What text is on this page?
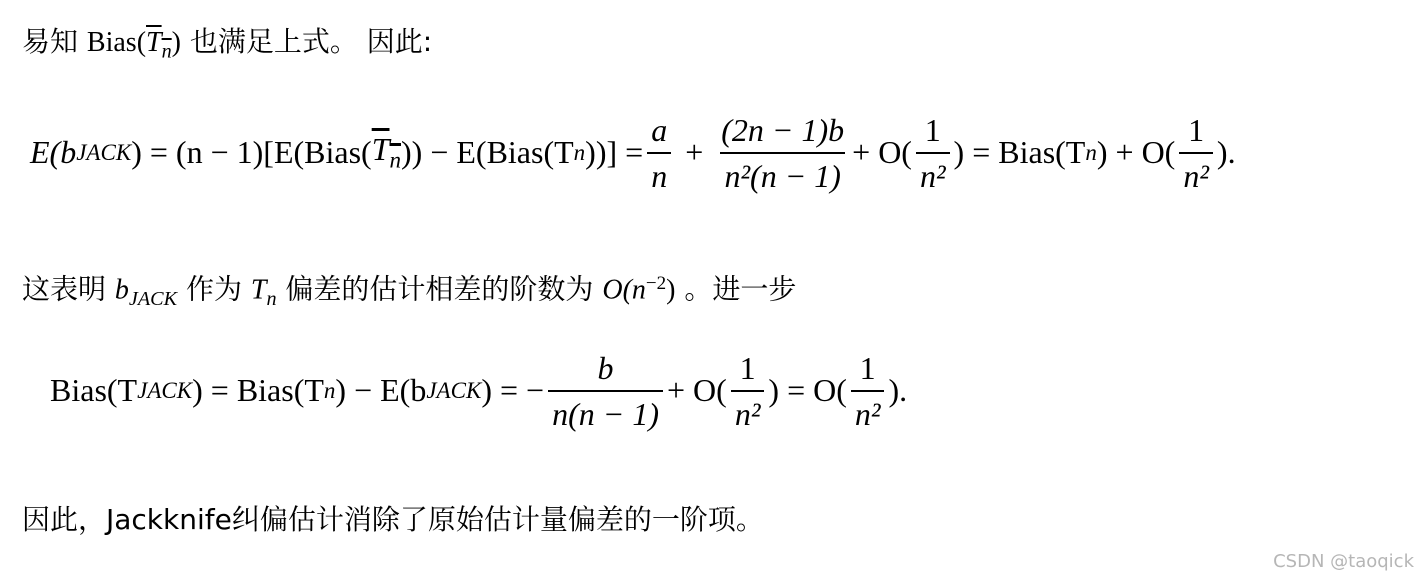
易知 $Bias(T_n)$ 也满足上式。 因此:
E(b JACK ) = (n − 1)[E(Bias( $T_n$ )) − E(Bias(T n ))] = $\frac{a}{n} + \frac{(2n - 1)b}{\text{n²(n − 1)}} + O( \frac{1}{\text{n²}}$ ) = Bias(T n ) + $O( \frac{1}{\text{n²}}$ ).
这表明 $b_{JACK}$ 作为 $T_n$ 偏差的估计相差的阶数为 $O(n^{-2})$ 。进一步
Bias(T JACK ) = Bias(T n ) − E(b JACK ) = − $\frac{b}{n(n - 1)} + O( \frac{1}{\text{n²}}$ ) = $O( \frac{1}{\text{n²}}$ ).
因此，Jackknife纠偏估计消除了原始估计量偏差的一阶项。
CSDN @taoqick
